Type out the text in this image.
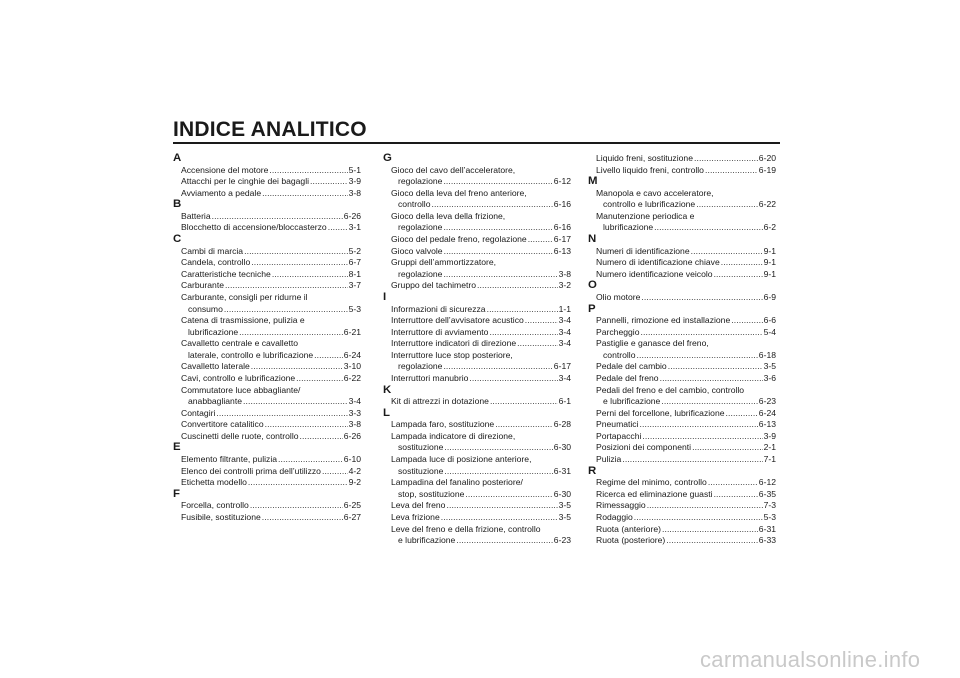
INDICE ANALITICO
A
Accensione del motore .....	5-1
Attacchi per le cinghie dei bagagli .....	3-9
Avviamento a pedale .....	3-8
B
Batteria .....	6-26
Blocchetto di accensione/bloccasterzo .....	3-1
C
Cambi di marcia .....	5-2
Candela, controllo .....	6-7
Caratteristiche tecniche .....	8-1
Carburante .....	3-7
Carburante, consigli per ridurne il
consumo .....	5-3
Catena di trasmissione, pulizia e
lubrificazione .....	6-21
Cavalletto centrale e cavalletto
laterale, controllo e lubrificazione .....	6-24
Cavalletto laterale .....	3-10
Cavi, controllo e lubrificazione .....	6-22
Commutatore luce abbagliante/
anabbagliante .....	3-4
Contagiri .....	3-3
Convertitore catalitico .....	3-8
Cuscinetti delle ruote, controllo .....	6-26
E
Elemento filtrante, pulizia .....	6-10
Elenco dei controlli prima dell’utilizzo .....	4-2
Etichetta modello .....	9-2
F
Forcella, controllo .....	6-25
Fusibile, sostituzione .....	6-27
G
Gioco del cavo dell’acceleratore,
regolazione .....	6-12
Gioco della leva del freno anteriore,
controllo .....	6-16
Gioco della leva della frizione,
regolazione .....	6-16
Gioco del pedale freno, regolazione .....	6-17
Gioco valvole .....	6-13
Gruppi dell’ammortizzatore,
regolazione .....	3-8
Gruppo del tachimetro .....	3-2
I
Informazioni di sicurezza .....	1-1
Interruttore dell’avvisatore acustico .....	3-4
Interruttore di avviamento .....	3-4
Interruttore indicatori di direzione .....	3-4
Interruttore luce stop posteriore,
regolazione .....	6-17
Interruttori manubrio .....	3-4
K
Kit di attrezzi in dotazione .....	6-1
L
Lampada faro, sostituzione .....	6-28
Lampada indicatore di direzione,
sostituzione .....	6-30
Lampada luce di posizione anteriore,
sostituzione .....	6-31
Lampadina del fanalino posteriore/
stop, sostituzione .....	6-30
Leva del freno .....	3-5
Leva frizione .....	3-5
Leve del freno e della frizione, controllo
e lubrificazione .....	6-23
Liquido freni, sostituzione .....	6-20
Livello liquido freni, controllo .....	6-19
M
Manopola e cavo acceleratore,
controllo e lubrificazione .....	6-22
Manutenzione periodica e
lubrificazione .....	6-2
N
Numeri di identificazione .....	9-1
Numero di identificazione chiave .....	9-1
Numero identificazione veicolo .....	9-1
O
Olio motore .....	6-9
P
Pannelli, rimozione ed installazione .....	6-6
Parcheggio .....	5-4
Pastiglie e ganasce del freno,
controllo .....	6-18
Pedale del cambio .....	3-5
Pedale del freno .....	3-6
Pedali del freno e del cambio, controllo
e lubrificazione .....	6-23
Perni del forcellone, lubrificazione .....	6-24
Pneumatici .....	6-13
Portapacchi .....	3-9
Posizioni dei componenti .....	2-1
Pulizia .....	7-1
R
Regime del minimo, controllo .....	6-12
Ricerca ed eliminazione guasti .....	6-35
Rimessaggio .....	7-3
Rodaggio .....	5-3
Ruota (anteriore) .....	6-31
Ruota (posteriore) .....	6-33
carmanualsonline.info
